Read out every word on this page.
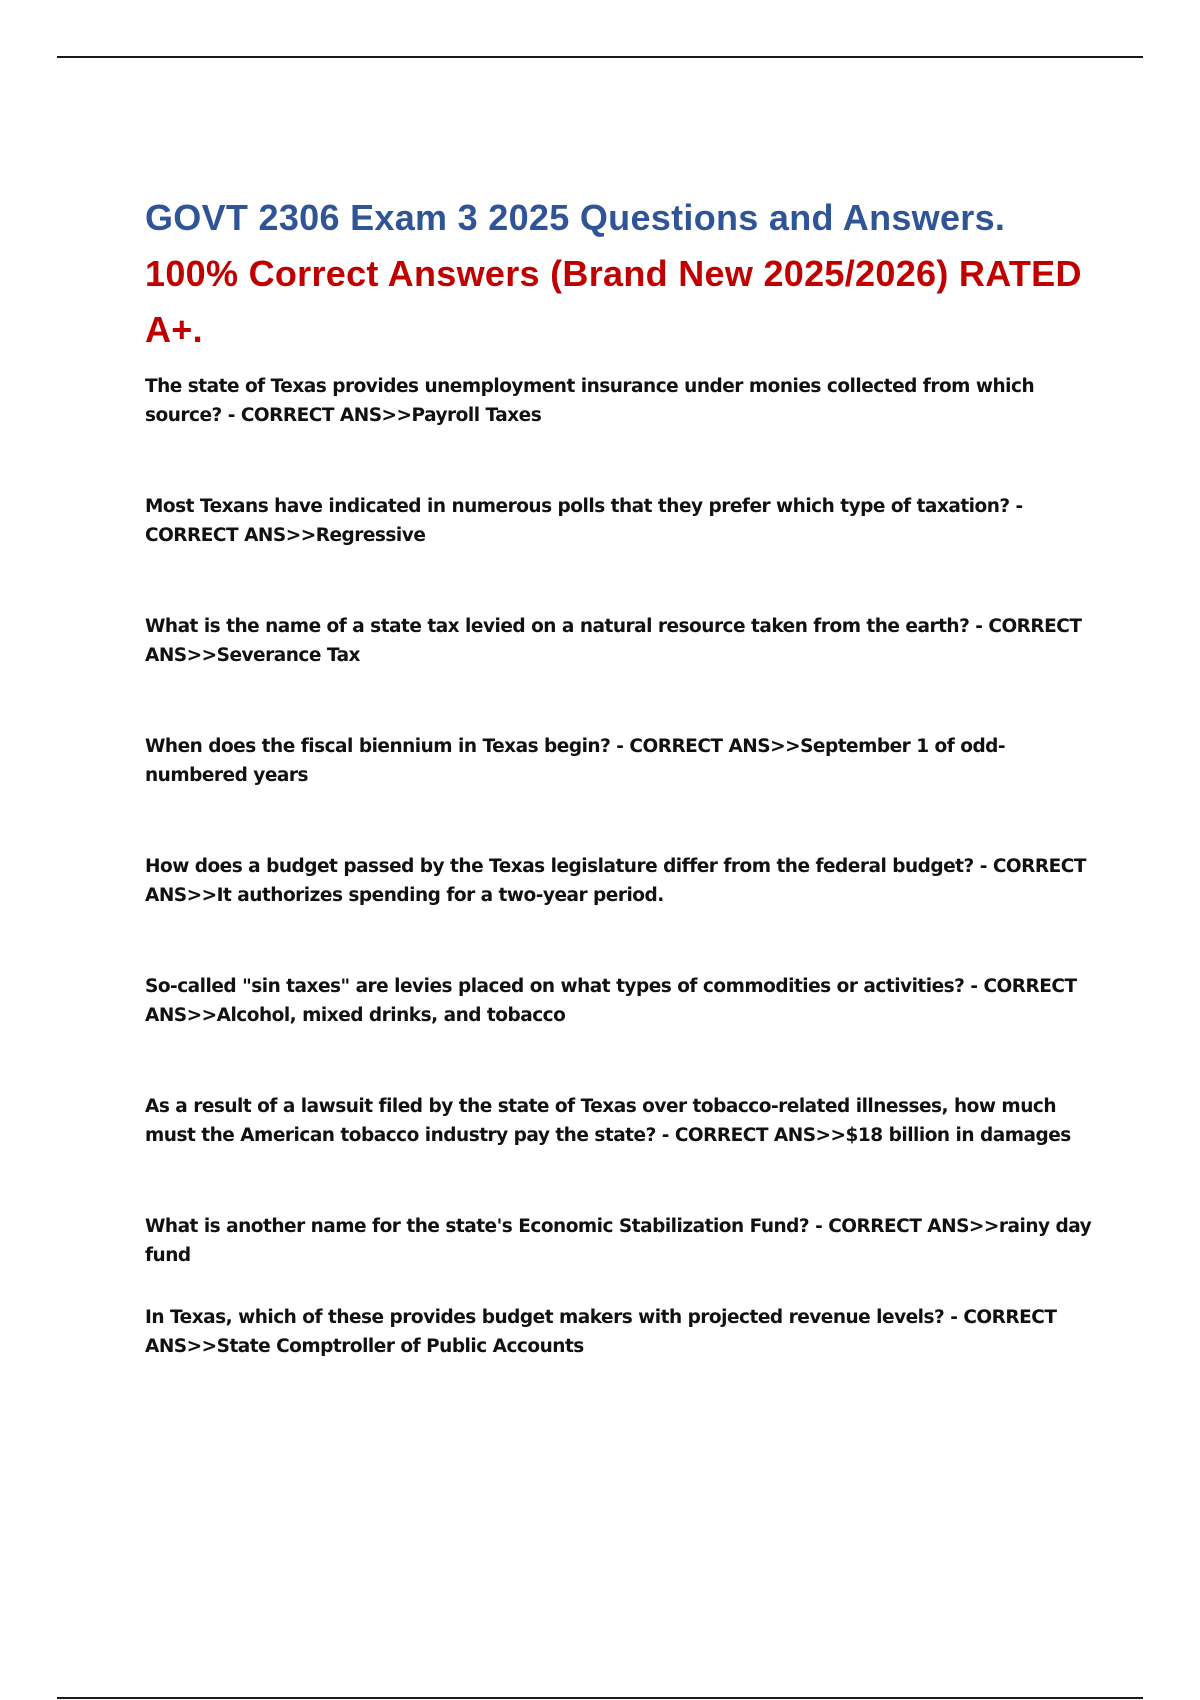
GOVT 2306 Exam 3 2025 Questions and Answers. 100% Correct Answers (Brand New 2025/2026) RATED A+.

The state of Texas provides unemployment insurance under monies collected from which source? - CORRECT ANS>>Payroll Taxes

Most Texans have indicated in numerous polls that they prefer which type of taxation? - CORRECT ANS>>Regressive

What is the name of a state tax levied on a natural resource taken from the earth? - CORRECT ANS>>Severance Tax

When does the fiscal biennium in Texas begin? - CORRECT ANS>>September 1 of odd-numbered years

How does a budget passed by the Texas legislature differ from the federal budget? - CORRECT ANS>>It authorizes spending for a two-year period.

So-called "sin taxes" are levies placed on what types of commodities or activities? - CORRECT ANS>>Alcohol, mixed drinks, and tobacco

As a result of a lawsuit filed by the state of Texas over tobacco-related illnesses, how much must the American tobacco industry pay the state? - CORRECT ANS>>$18 billion in damages

What is another name for the state's Economic Stabilization Fund? - CORRECT ANS>>rainy day fund

In Texas, which of these provides budget makers with projected revenue levels? - CORRECT ANS>>State Comptroller of Public Accounts
